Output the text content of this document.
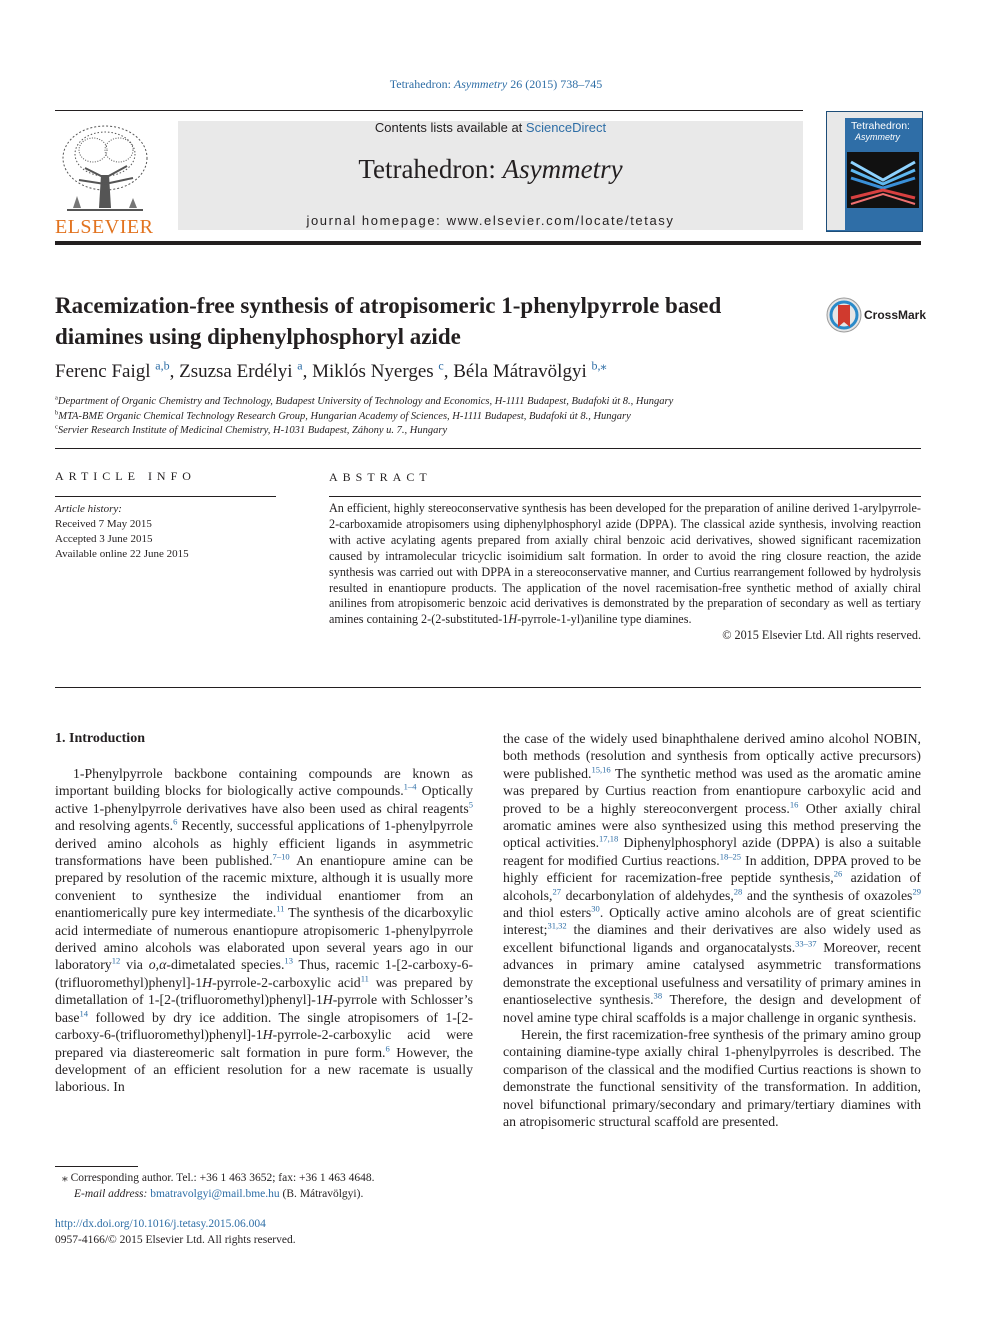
Tetrahedron: Asymmetry 26 (2015) 738–745
ELSEVIER
Contents lists available at ScienceDirect
Tetrahedron: Asymmetry
journal homepage: www.elsevier.com/locate/tetasy
Tetrahedron:
Asymmetry
Racemization-free synthesis of atropisomeric 1-phenylpyrrole based
diamines using diphenylphosphoryl azide
CrossMark
Ferenc Faigl $^{a,b}$, Zsuzsa Erdélyi $^a$, Miklós Nyerges $^c$, Béla Mátravölgyi $^{b,⁎}$
$^a$Department of Organic Chemistry and Technology, Budapest University of Technology and Economics, H-1111 Budapest, Budafoki út 8., Hungary
$^b$MTA-BME Organic Chemical Technology Research Group, Hungarian Academy of Sciences, H-1111 Budapest, Budafoki út 8., Hungary
$^c$Servier Research Institute of Medicinal Chemistry, H-1031 Budapest, Záhony u. 7., Hungary
ARTICLE INFO
Article history:
Received 7 May 2015
Accepted 3 June 2015
Available online 22 June 2015
ABSTRACT
An efficient, highly stereoconservative synthesis has been developed for the preparation of aniline derived 1-arylpyrrole-2-carboxamide atropisomers using diphenylphosphoryl azide (DPPA). The classical azide synthesis, involving reaction with active acylating agents prepared from axially chiral benzoic acid derivatives, showed significant racemization caused by intramolecular tricyclic isoimidium salt formation. In order to avoid the ring closure reaction, the azide synthesis was carried out with DPPA in a stereoconservative manner, and Curtius rearrangement followed by hydrolysis resulted in enantiopure products. The application of the novel racemisation-free synthetic method of axially chiral anilines from atropisomeric benzoic acid derivatives is demonstrated by the preparation of secondary as well as tertiary amines containing 2-(2-substituted-1H-pyrrole-1-yl)aniline type diamines.
© 2015 Elsevier Ltd. All rights reserved.
1. Introduction

1-Phenylpyrrole backbone containing compounds are known as important building blocks for biologically active compounds.$^{1-4}$ Optically active 1-phenylpyrrole derivatives have also been used as chiral reagents$^5$ and resolving agents.$^6$ Recently, successful applications of 1-phenylpyrrole derived amino alcohols as highly efficient ligands in asymmetric transformations have been published.$^{7-10}$ An enantiopure amine can be prepared by resolution of the racemic mixture, although it is usually more convenient to synthesize the individual enantiomer from an enantiomerically pure key intermediate.$^{11}$ The synthesis of the dicarboxylic acid intermediate of numerous enantiopure atropisomeric 1-phenylpyrrole derived amino alcohols was elaborated upon several years ago in our laboratory$^{12}$ via o,α-dimetalated species.$^{13}$ Thus, racemic 1-[2-carboxy-6-(trifluoromethyl)phenyl]-1H-pyrrole-2-carboxylic acid$^{11}$ was prepared by dimetallation of 1-[2-(trifluoromethyl)phenyl]-1H-pyrrole with Schlosser’s base$^{14}$ followed by dry ice addition. The single atropisomers of 1-[2-carboxy-6-(trifluoromethyl)phenyl]-1H-pyrrole-2-carboxylic acid were prepared via diastereomeric salt formation in pure form.$^6$ However, the development of an efficient resolution for a new racemate is usually laborious. In

the case of the widely used binaphthalene derived amino alcohol NOBIN, both methods (resolution and synthesis from optically active precursors) were published.$^{15,16}$ The synthetic method was used as the aromatic amine was prepared by Curtius reaction from enantiopure carboxylic acid and proved to be a highly stereoconvergent process.$^{16}$ Other axially chiral aromatic amines were also synthesized using this method preserving the optical activities.$^{17,18}$ Diphenylphosphoryl azide (DPPA) is also a suitable reagent for modified Curtius reactions.$^{18-25}$ In addition, DPPA proved to be highly efficient for racemization-free peptide synthesis,$^{26}$ azidation of alcohols,$^{27}$ decarbonylation of aldehydes,$^{28}$ and the synthesis of oxazoles$^{29}$ and thiol esters$^{30}$. Optically active amino alcohols are of great scientific interest;$^{31,32}$ the diamines and their derivatives are also widely used as excellent bifunctional ligands and organocatalysts.$^{33-37}$ Moreover, recent advances in primary amine catalysed asymmetric transformations demonstrate the exceptional usefulness and versatility of primary amines in enantioselective synthesis.$^{38}$ Therefore, the design and development of novel amine type chiral scaffolds is a major challenge in organic synthesis.

Herein, the first racemization-free synthesis of the primary amino group containing diamine-type axially chiral 1-phenylpyrroles is described. The comparison of the classical and the modified Curtius reactions is shown to demonstrate the functional sensitivity of the transformation. In addition, novel bifunctional primary/secondary and primary/tertiary diamines with an atropisomeric structural scaffold are presented.

⁎ Corresponding author. Tel.: +36 1 463 3652; fax: +36 1 463 4648.
E-mail address: bmatravolgyi@mail.bme.hu (B. Mátravölgyi).
http://dx.doi.org/10.1016/j.tetasy.2015.06.004
0957-4166/© 2015 Elsevier Ltd. All rights reserved.
